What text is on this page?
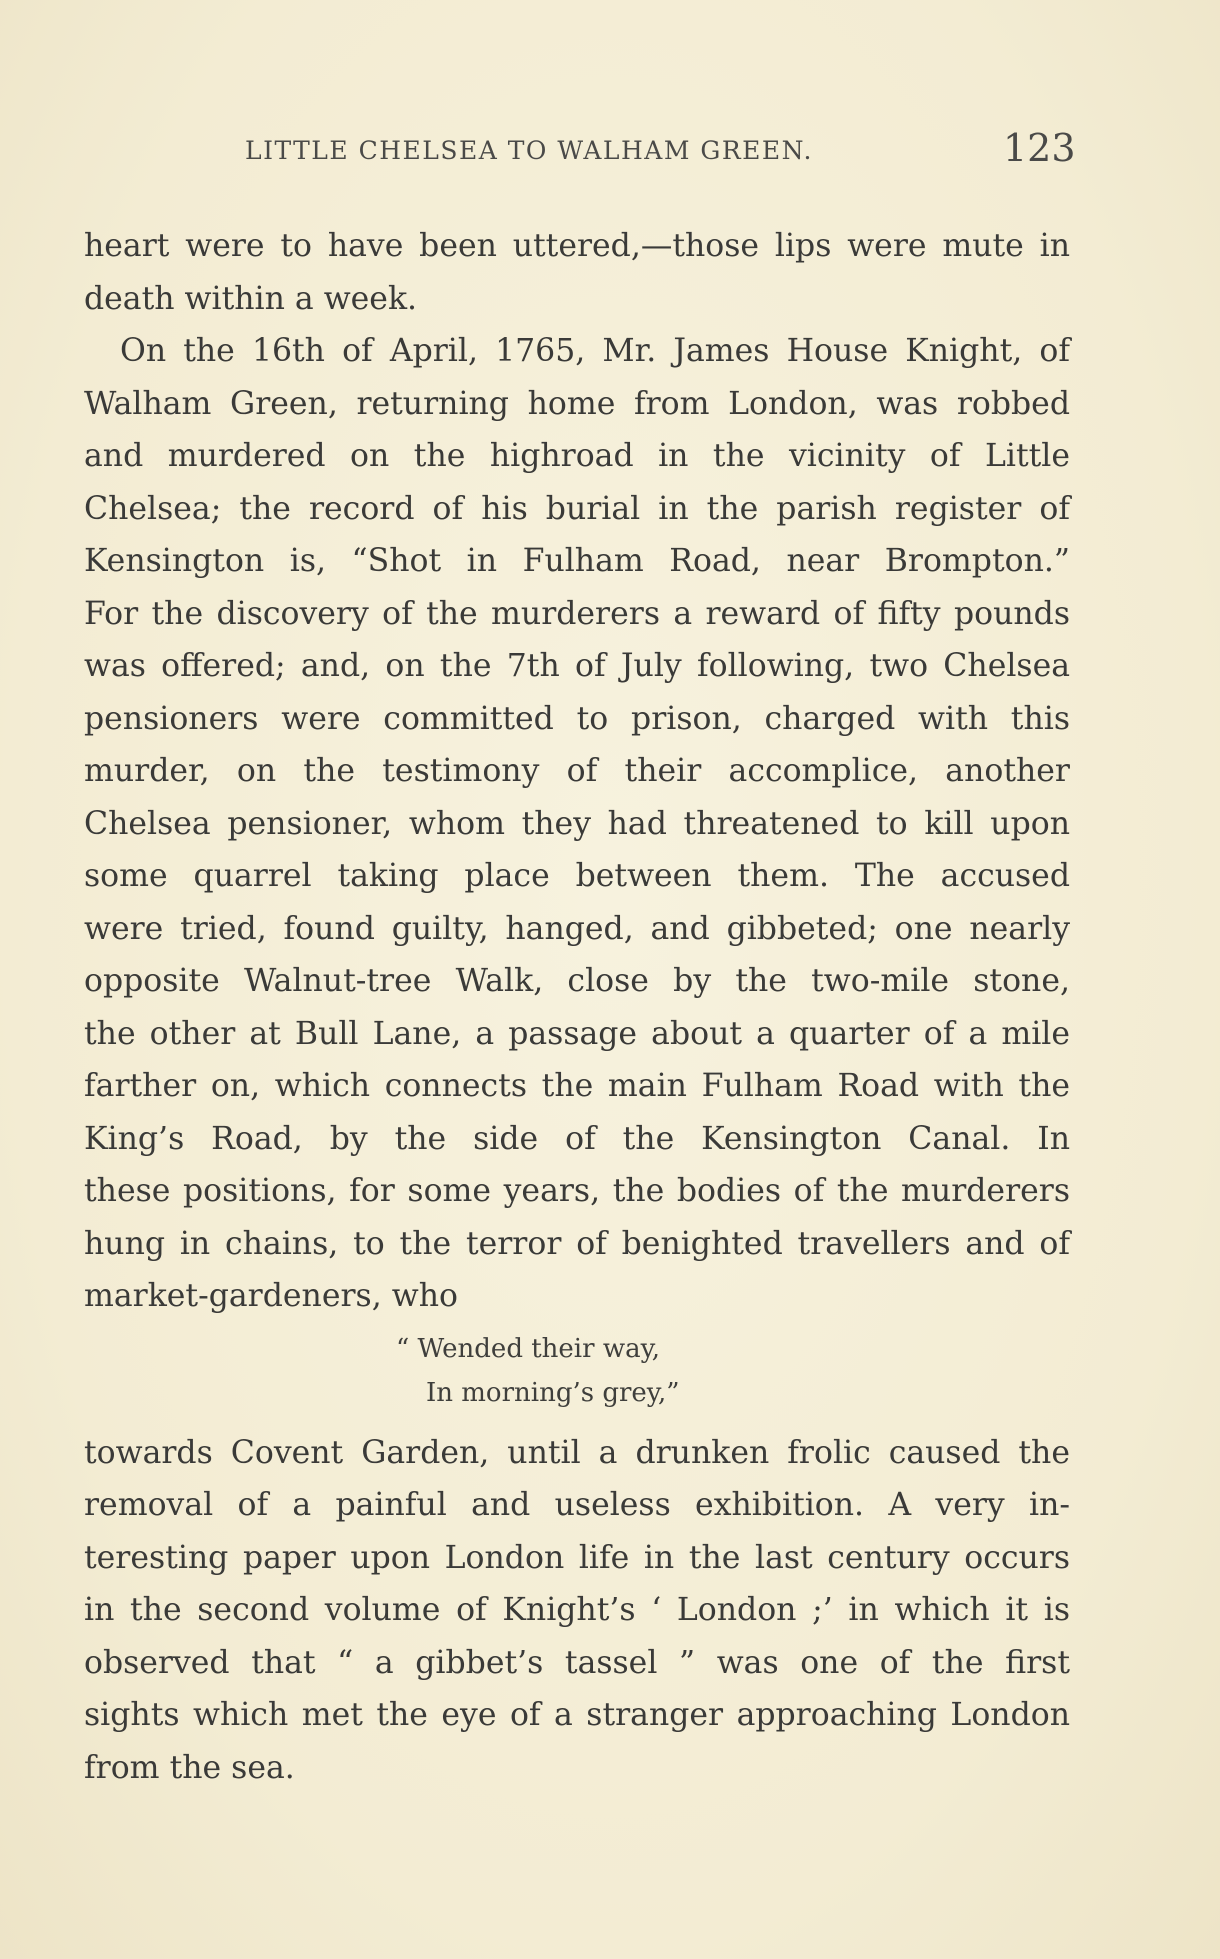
LITTLE CHELSEA TO WALHAM GREEN.	123
heart were to have been uttered,—those lips were mute in
death within a week.
On the 16th of April, 1765, Mr. James House Knight, of
Walham Green, returning home from London, was robbed
and murdered on the highroad in the vicinity of Little
Chelsea; the record of his burial in the parish register of
Kensington is, “Shot in Fulham Road, near Brompton.”
For the discovery of the murderers a reward of fifty pounds
was offered; and, on the 7th of July following, two Chelsea
pensioners were committed to prison, charged with this
murder, on the testimony of their accomplice, another
Chelsea pensioner, whom they had threatened to kill upon
some quarrel taking place between them. The accused
were tried, found guilty, hanged, and gibbeted; one nearly
opposite Walnut-tree Walk, close by the two-mile stone,
the other at Bull Lane, a passage about a quarter of a mile
farther on, which connects the main Fulham Road with the
King’s Road, by the side of the Kensington Canal. In
these positions, for some years, the bodies of the murderers
hung in chains, to the terror of benighted travellers and of
market-gardeners, who
“ Wended their way,
In morning’s grey,”
towards Covent Garden, until a drunken frolic caused the
removal of a painful and useless exhibition. A very in-
teresting paper upon London life in the last century occurs
in the second volume of Knight’s ‘ London ;’ in which it is
observed that “ a gibbet’s tassel ” was one of the first
sights which met the eye of a stranger approaching London
from the sea.
